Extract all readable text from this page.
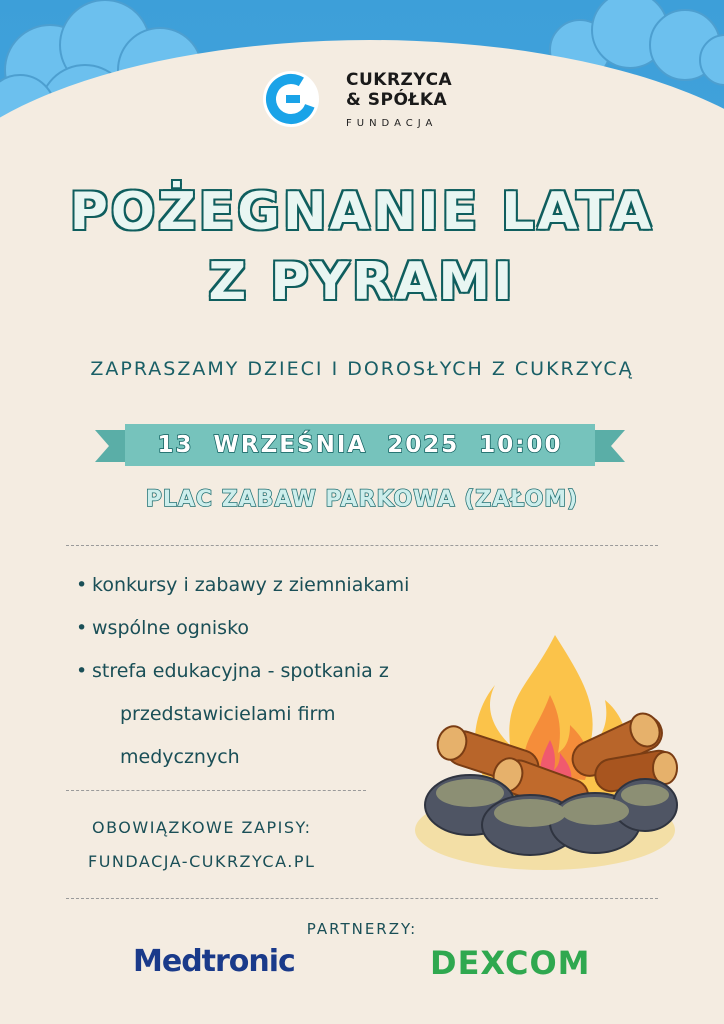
CUKRZYCA
& SPÓŁKA
FUNDACJA
POŻEGNANIE LATA
Z PYRAMI
ZAPRASZAMY DZIECI I DOROSŁYCH Z CUKRZYCĄ
13 WRZEŚNIA 2025 10:00
PLAC ZABAW PARKOWA (ZAŁOM)
• konkursy i zabawy z ziemniakami
• wspólne ognisko
• strefa edukacyjna - spotkania z
przedstawicielami firm
medycznych
OBOWIĄZKOWE ZAPISY:
FUNDACJA-CUKRZYCA.PL
PARTNERZY:
Medtronic	DEXCOM
